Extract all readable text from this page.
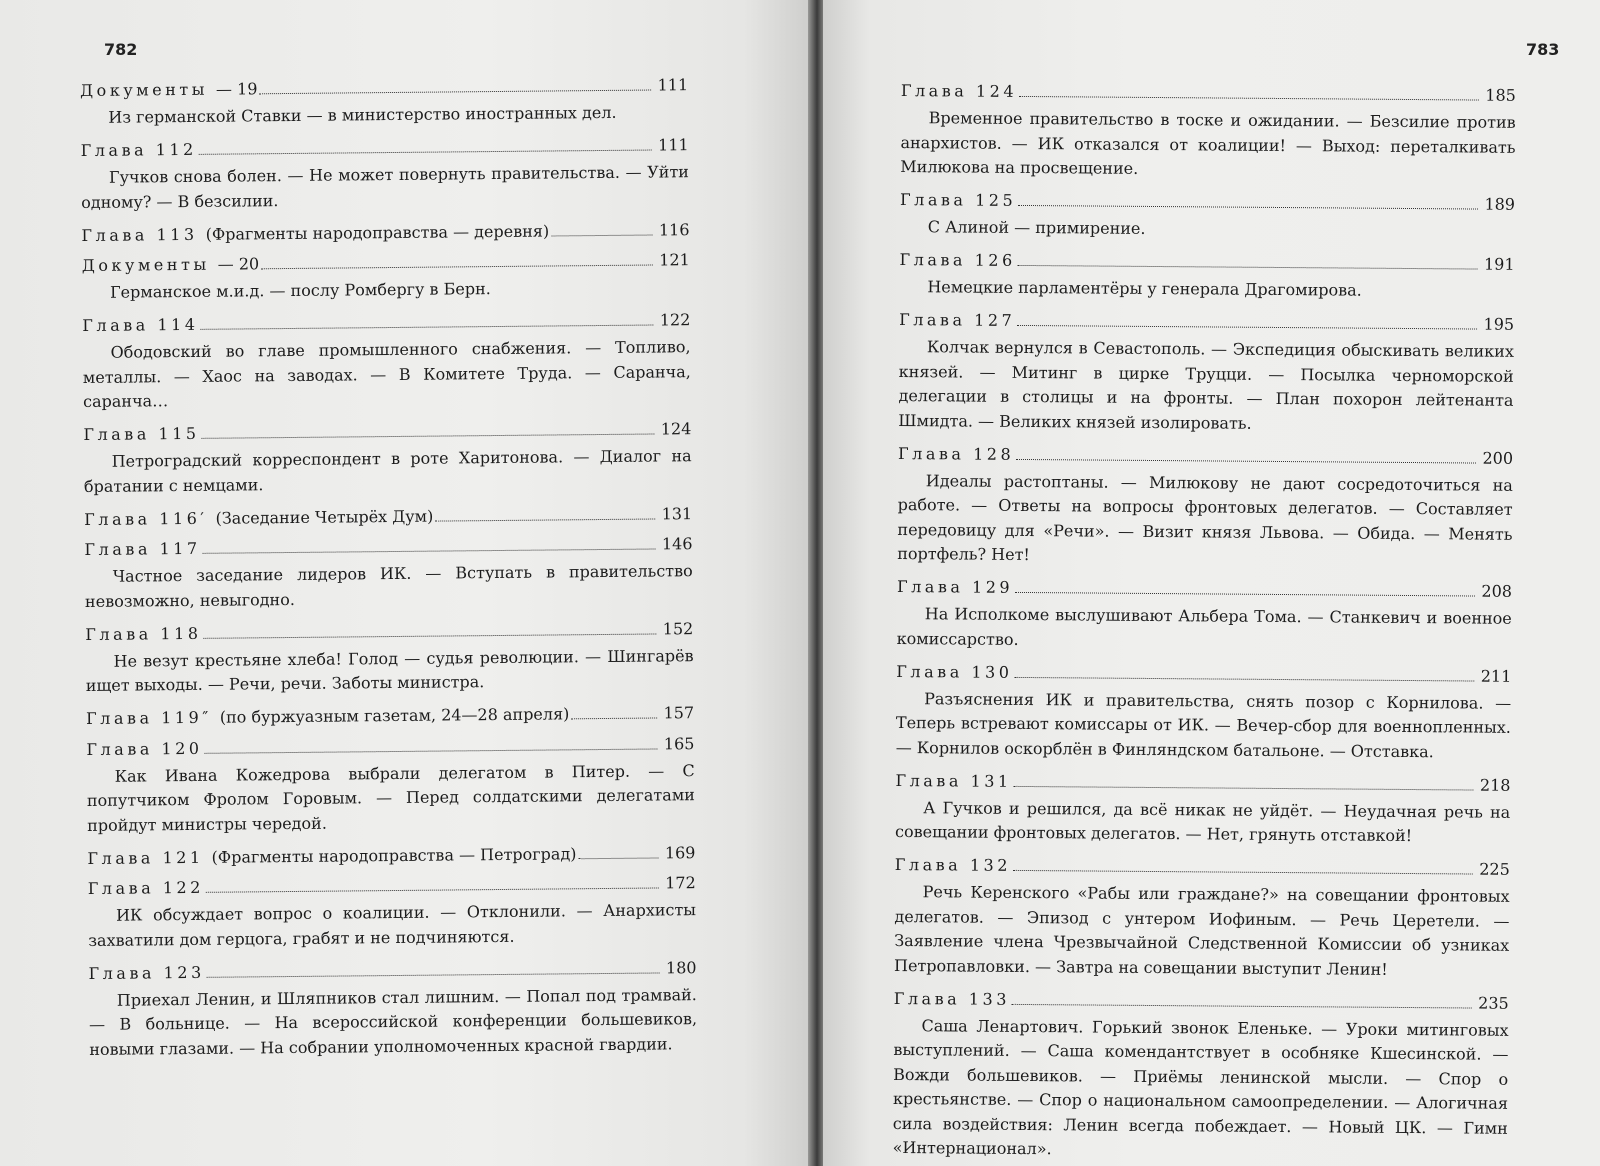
782
Документы — 19	111
Из германской Ставки — в министерство иностранных дел.
Глава 112	111
Гучков снова болен. — Не может повернуть правительства. — Уйти одному? — В безсилии.
Глава 113 (Фрагменты народоправства — деревня)	116
Документы — 20	121
Германское м.и.д. — послу Ромбергу в Берн.
Глава 114	122
Ободовский во главе промышленного снабжения. — Топливо, металлы. — Хаос на заводах. — В Комитете Труда. — Саранча, саранча…
Глава 115	124
Петроградский корреспондент в роте Харитонова. — Диалог на братании с немцами.
Глава 116′ (Заседание Четырёх Дум)	131
Глава 117	146
Частное заседание лидеров ИК. — Вступать в правительство невозможно, невыгодно.
Глава 118	152
Не везут крестьяне хлеба! Голод — судья революции. — Шингарёв ищет выходы. — Речи, речи. Заботы министра.
Глава 119″ (по буржуазным газетам, 24—28 апреля)	157
Глава 120	165
Как Ивана Кожедрова выбрали делегатом в Питер. — С попутчиком Фролом Горовым. — Перед солдатскими делегатами пройдут министры чередой.
Глава 121 (Фрагменты народоправства — Петроград)	169
Глава 122	172
ИК обсуждает вопрос о коалиции. — Отклонили. — Анархисты захватили дом герцога, грабят и не подчиняются.
Глава 123	180
Приехал Ленин, и Шляпников стал лишним. — Попал под трамвай. — В больнице. — На всероссийской конференции большевиков, новыми глазами. — На собрании уполномоченных красной гвардии.
783
Глава 124	185
Временное правительство в тоске и ожидании. — Безсилие против анархистов. — ИК отказался от коалиции! — Выход: переталкивать Милюкова на просвещение.
Глава 125	189
С Алиной — примирение.
Глава 126	191
Немецкие парламентёры у генерала Драгомирова.
Глава 127	195
Колчак вернулся в Севастополь. — Экспедиция обыскивать великих князей. — Митинг в цирке Труцци. — Посылка черноморской делегации в столицы и на фронты. — План похорон лейтенанта Шмидта. — Великих князей изолировать.
Глава 128	200
Идеалы растоптаны. — Милюкову не дают сосредоточиться на работе. — Ответы на вопросы фронтовых делегатов. — Составляет передовицу для «Речи». — Визит князя Львова. — Обида. — Менять портфель? Нет!
Глава 129	208
На Исполкоме выслушивают Альбера Тома. — Станкевич и военное комиссарство.
Глава 130	211
Разъяснения ИК и правительства, снять позор с Корнилова. — Теперь встревают комиссары от ИК. — Вечер-сбор для военнопленных. — Корнилов оскорблён в Финляндском батальоне. — Отставка.
Глава 131	218
А Гучков и решился, да всё никак не уйдёт. — Неудачная речь на совещании фронтовых делегатов. — Нет, грянуть отставкой!
Глава 132	225
Речь Керенского «Рабы или граждане?» на совещании фронтовых делегатов. — Эпизод с унтером Иофиным. — Речь Церетели. — Заявление члена Чрезвычайной Следственной Комиссии об узниках Петропавловки. — Завтра на совещании выступит Ленин!
Глава 133	235
Саша Ленартович. Горький звонок Еленьке. — Уроки митинговых выступлений. — Саша комендантствует в особняке Кшесинской. — Вожди большевиков. — Приёмы ленинской мысли. — Спор о крестьянстве. — Спор о национальном самоопределении. — Алогичная сила воздействия: Ленин всегда побеждает. — Новый ЦК. — Гимн «Интернационал».
